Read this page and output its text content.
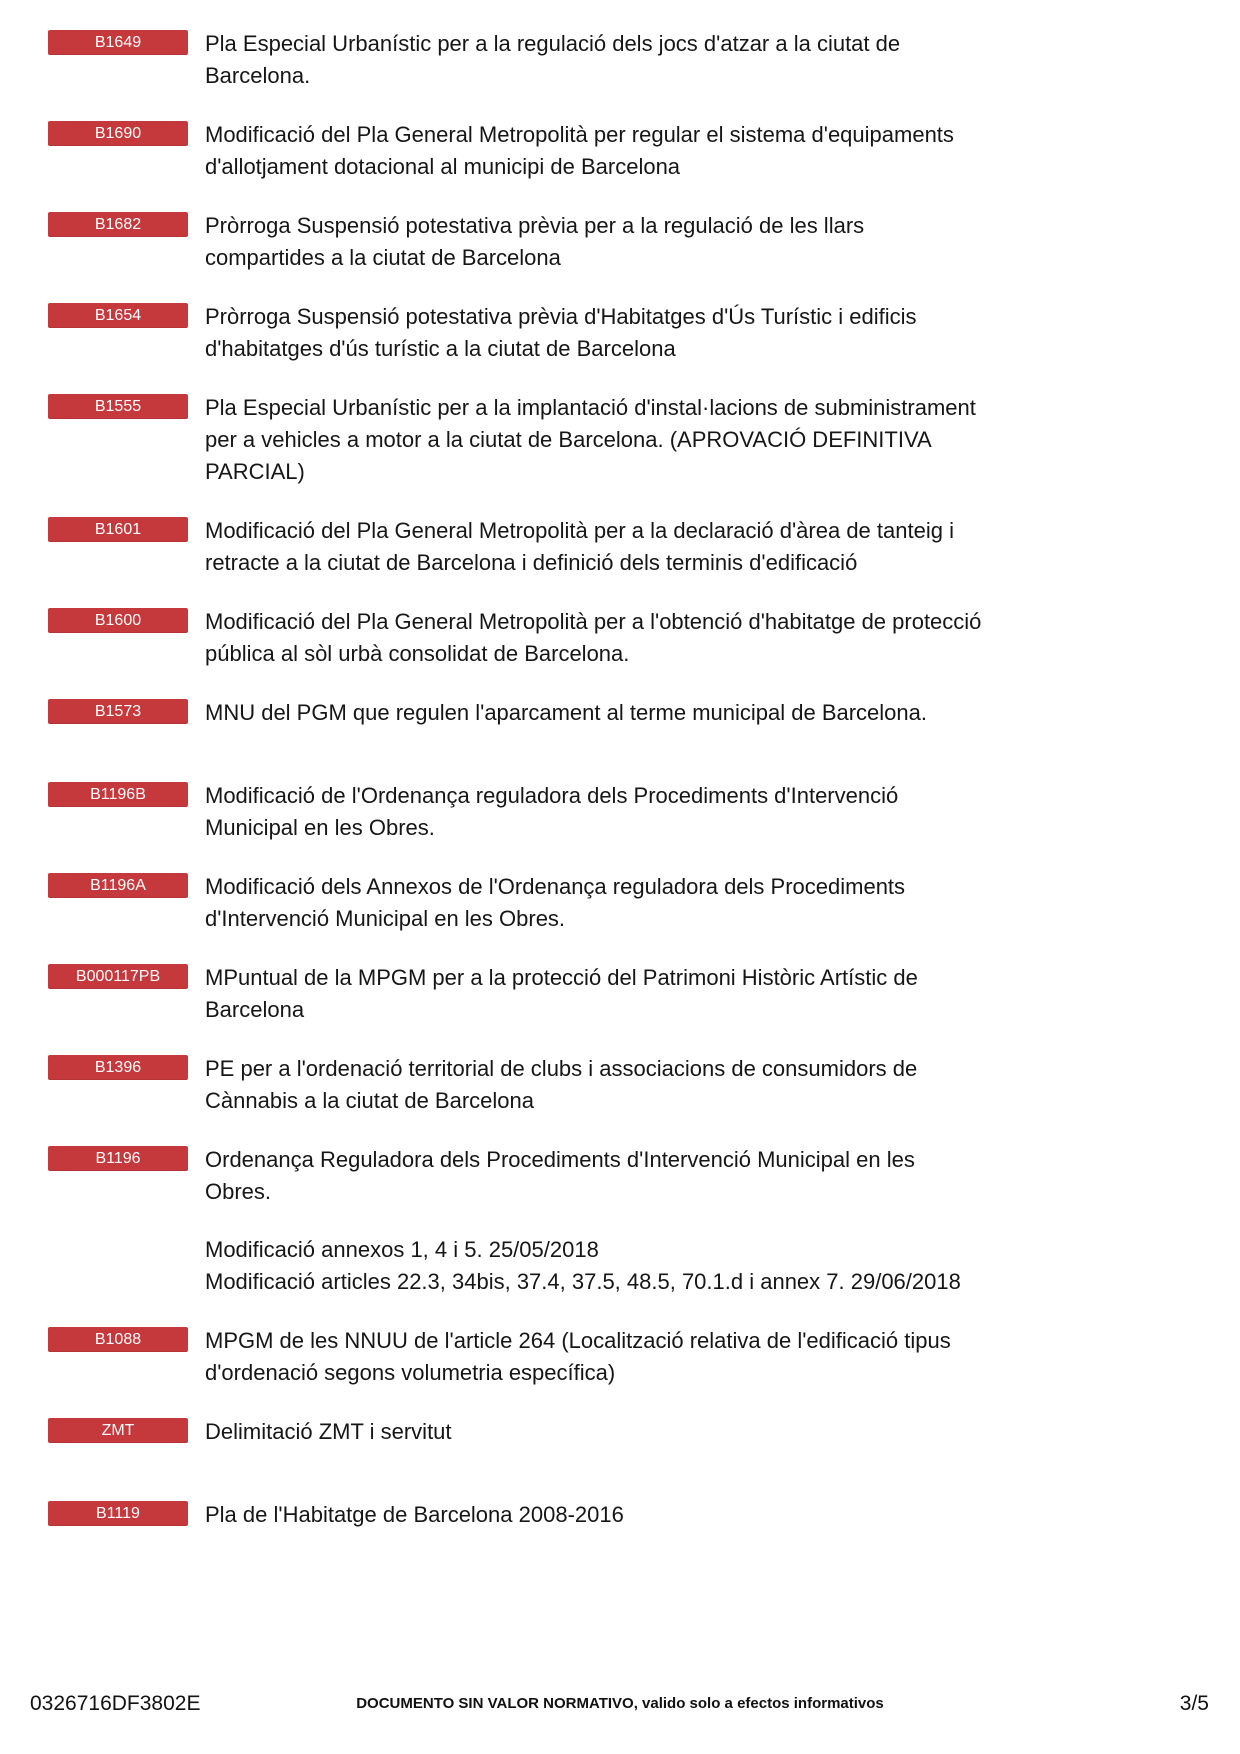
B1649	Pla Especial Urbanístic per a la regulació dels jocs d'atzar a la ciutat de Barcelona.

B1690	Modificació del Pla General Metropolità per regular el sistema d'equipaments d'allotjament dotacional al municipi de Barcelona

B1682	Pròrroga Suspensió potestativa prèvia per a la regulació de les llars compartides a la ciutat de Barcelona

B1654	Pròrroga Suspensió potestativa prèvia d'Habitatges d'Ús Turístic i edificis d'habitatges d'ús turístic a la ciutat de Barcelona

B1555	Pla Especial Urbanístic per a la implantació d'instal·lacions de subministrament per a vehicles a motor a la ciutat de Barcelona. (APROVACIÓ DEFINITIVA PARCIAL)

B1601	Modificació del Pla General Metropolità per a la declaració d'àrea de tanteig i retracte a la ciutat de Barcelona i definició dels terminis d'edificació

B1600	Modificació del Pla General Metropolità per a l'obtenció d'habitatge de protecció pública al sòl urbà consolidat de Barcelona.

B1573	MNU del PGM que regulen l'aparcament al terme municipal de Barcelona.

B1196B	Modificació de l'Ordenança reguladora dels Procediments d'Intervenció Municipal en les Obres.

B1196A	Modificació dels Annexos de l'Ordenança reguladora dels Procediments d'Intervenció Municipal en les Obres.

B000117PB	MPuntual de la MPGM per a la protecció del Patrimoni Històric Artístic de Barcelona

B1396	PE per a l'ordenació territorial de clubs i associacions de consumidors de Cànnabis a la ciutat de Barcelona

B1196	Ordenança Reguladora dels Procediments d'Intervenció Municipal en les Obres.

Modificació annexos 1, 4 i 5. 25/05/2018

Modificació articles 22.3, 34bis, 37.4, 37.5, 48.5, 70.1.d i annex 7. 29/06/2018

B1088	MPGM de les NNUU de l'article 264 (Localització relativa de l'edificació tipus d'ordenació segons volumetria específica)

ZMT	Delimitació ZMT i servitut

B1119	Pla de l'Habitatge de Barcelona 2008-2016

0326716DF3802E	DOCUMENTO SIN VALOR NORMATIVO, valido solo a efectos informativos	3/5
